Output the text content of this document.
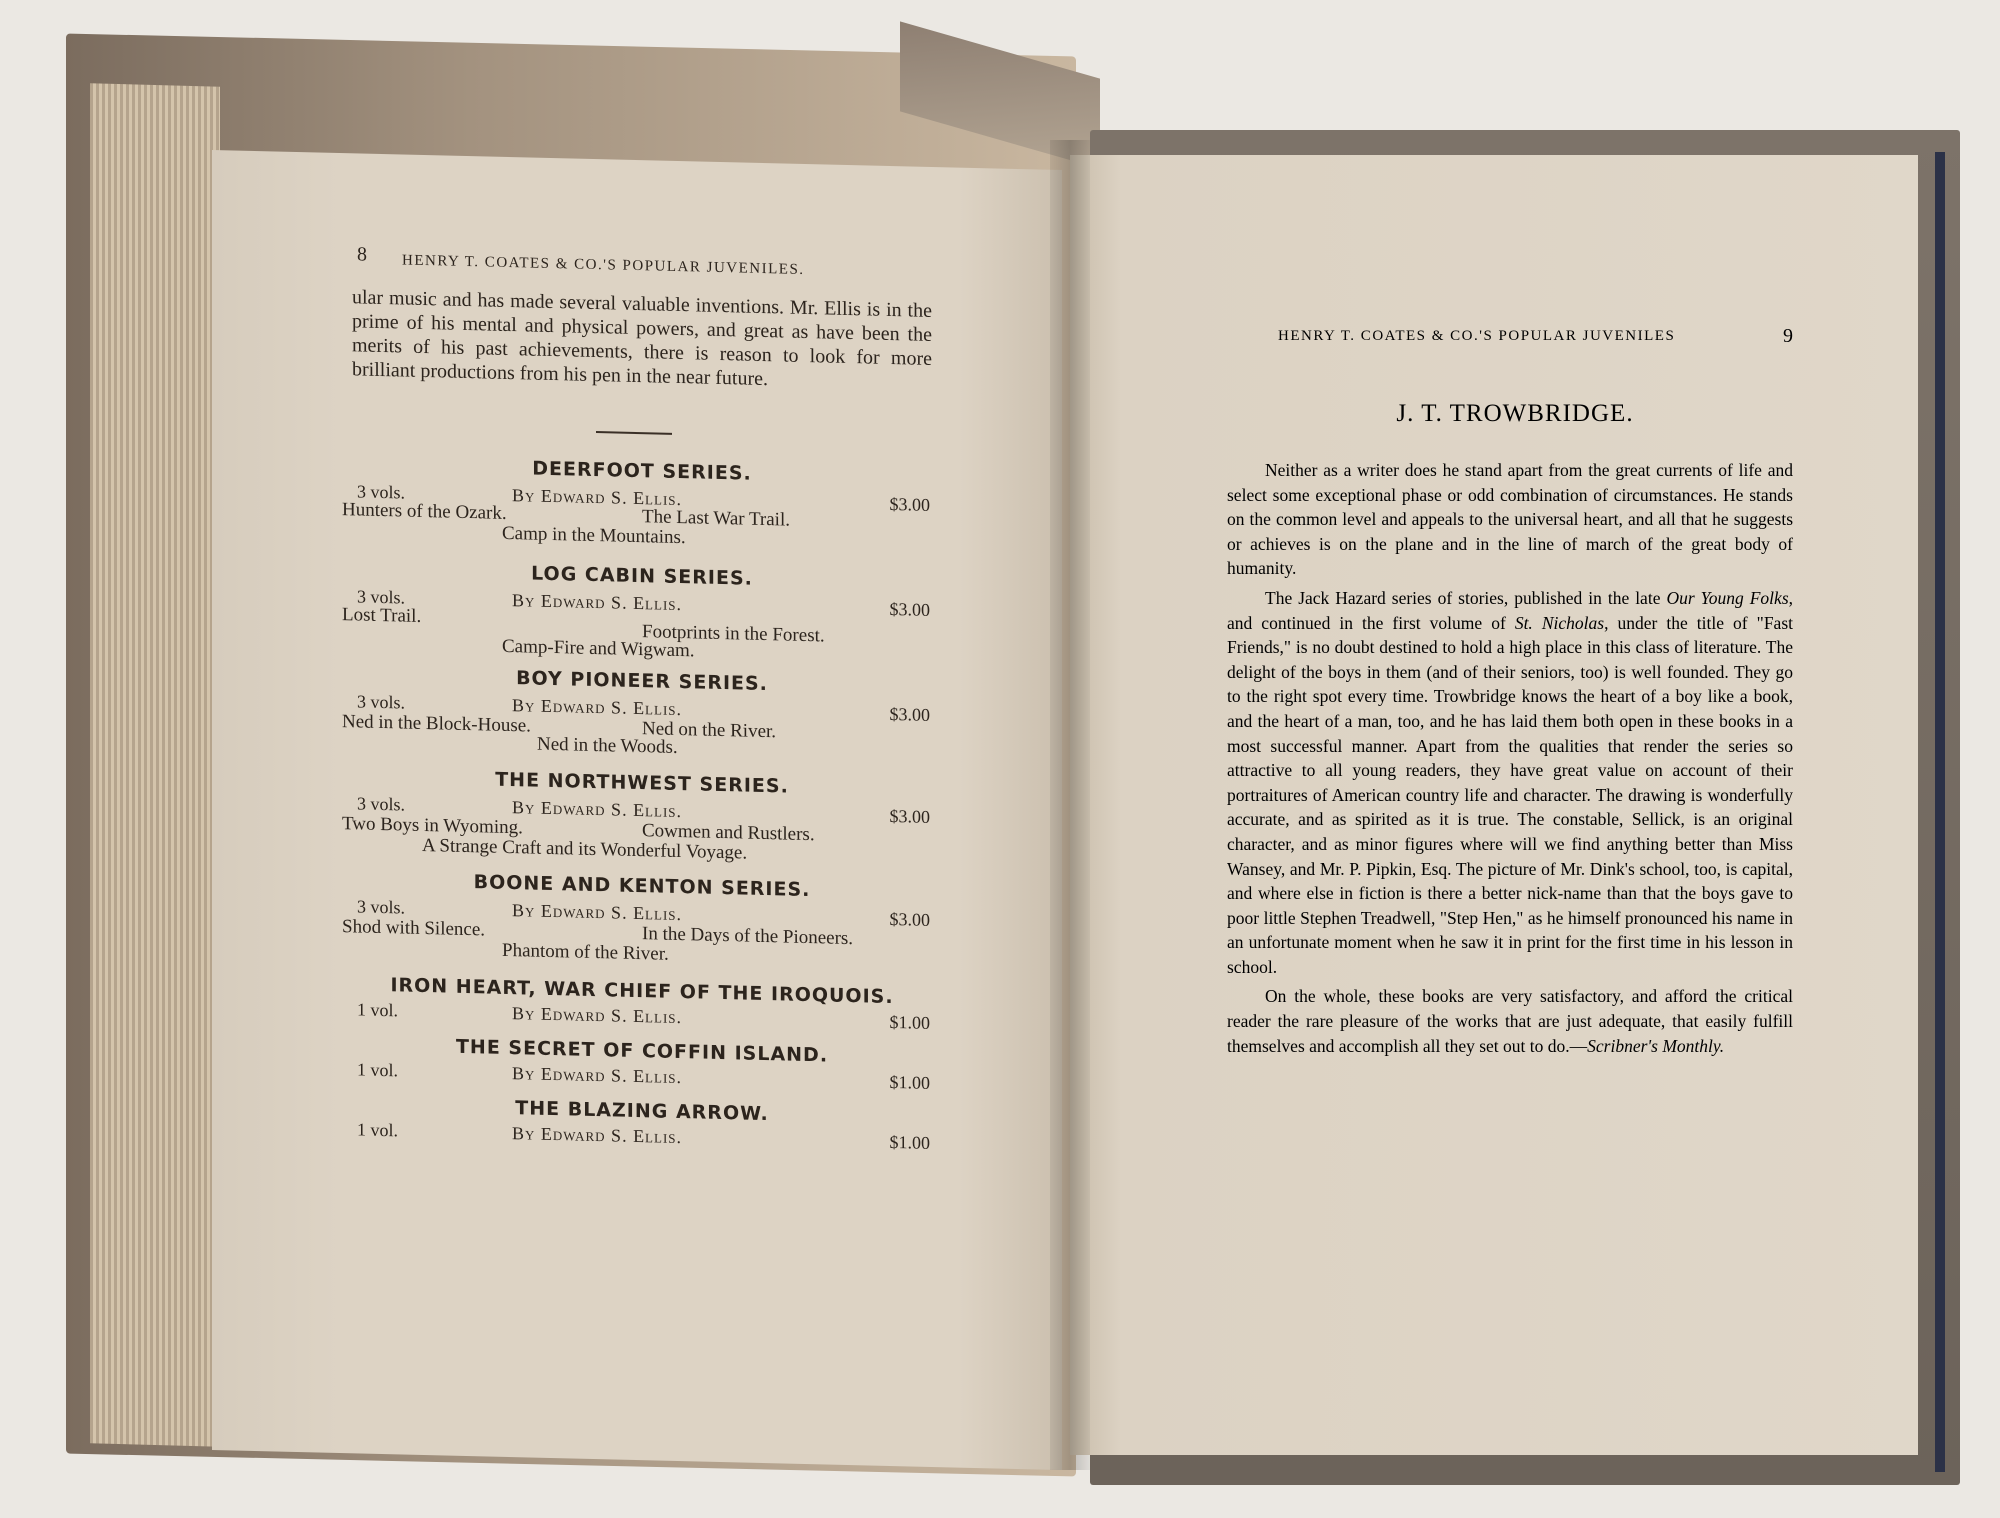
8 HENRY T. COATES & CO.'S POPULAR JUVENILES.
ular music and has made several valuable inventions. Mr. Ellis is in the prime of his mental and physical powers, and great as have been the merits of his past achievements, there is reason to look for more brilliant productions from his pen in the near future.
DEERFOOT SERIES.
3 vols.	By Edward S. Ellis.	$3.00
Hunters of the Ozark.	The Last War Trail.
Camp in the Mountains.
LOG CABIN SERIES.
3 vols.	By Edward S. Ellis.	$3.00
Lost Trail.
Footprints in the Forest.
Camp-Fire and Wigwam.
BOY PIONEER SERIES.
3 vols.	By Edward S. Ellis.	$3.00
Ned in the Block-House.	Ned on the River.
Ned in the Woods.
THE NORTHWEST SERIES.
3 vols.	By Edward S. Ellis.	$3.00
Two Boys in Wyoming.	Cowmen and Rustlers.
A Strange Craft and its Wonderful Voyage.
BOONE AND KENTON SERIES.
3 vols.	By Edward S. Ellis.	$3.00
Shod with Silence.	In the Days of the Pioneers.
Phantom of the River.
IRON HEART, WAR CHIEF OF THE IROQUOIS.
1 vol.	By Edward S. Ellis.	$1.00
THE SECRET OF COFFIN ISLAND.
1 vol.	By Edward S. Ellis.	$1.00
THE BLAZING ARROW.
1 vol.	By Edward S. Ellis.	$1.00
HENRY T. COATES & CO.'S POPULAR JUVENILES	9
J. T. TROWBRIDGE.

Neither as a writer does he stand apart from the great currents of life and select some exceptional phase or odd combination of circumstances. He stands on the common level and appeals to the universal heart, and all that he suggests or achieves is on the plane and in the line of march of the great body of humanity.

The Jack Hazard series of stories, published in the late Our Young Folks, and continued in the first volume of St. Nicholas, under the title of "Fast Friends," is no doubt destined to hold a high place in this class of literature. The delight of the boys in them (and of their seniors, too) is well founded. They go to the right spot every time. Trowbridge knows the heart of a boy like a book, and the heart of a man, too, and he has laid them both open in these books in a most successful manner. Apart from the qualities that render the series so attractive to all young readers, they have great value on account of their portraitures of American country life and character. The drawing is wonderfully accurate, and as spirited as it is true. The constable, Sellick, is an original character, and as minor figures where will we find anything better than Miss Wansey, and Mr. P. Pipkin, Esq. The picture of Mr. Dink's school, too, is capital, and where else in fiction is there a better nick-name than that the boys gave to poor little Stephen Treadwell, "Step Hen," as he himself pronounced his name in an unfortunate moment when he saw it in print for the first time in his lesson in school.

On the whole, these books are very satisfactory, and afford the critical reader the rare pleasure of the works that are just adequate, that easily fulfill themselves and accomplish all they set out to do.—Scribner's Monthly.
